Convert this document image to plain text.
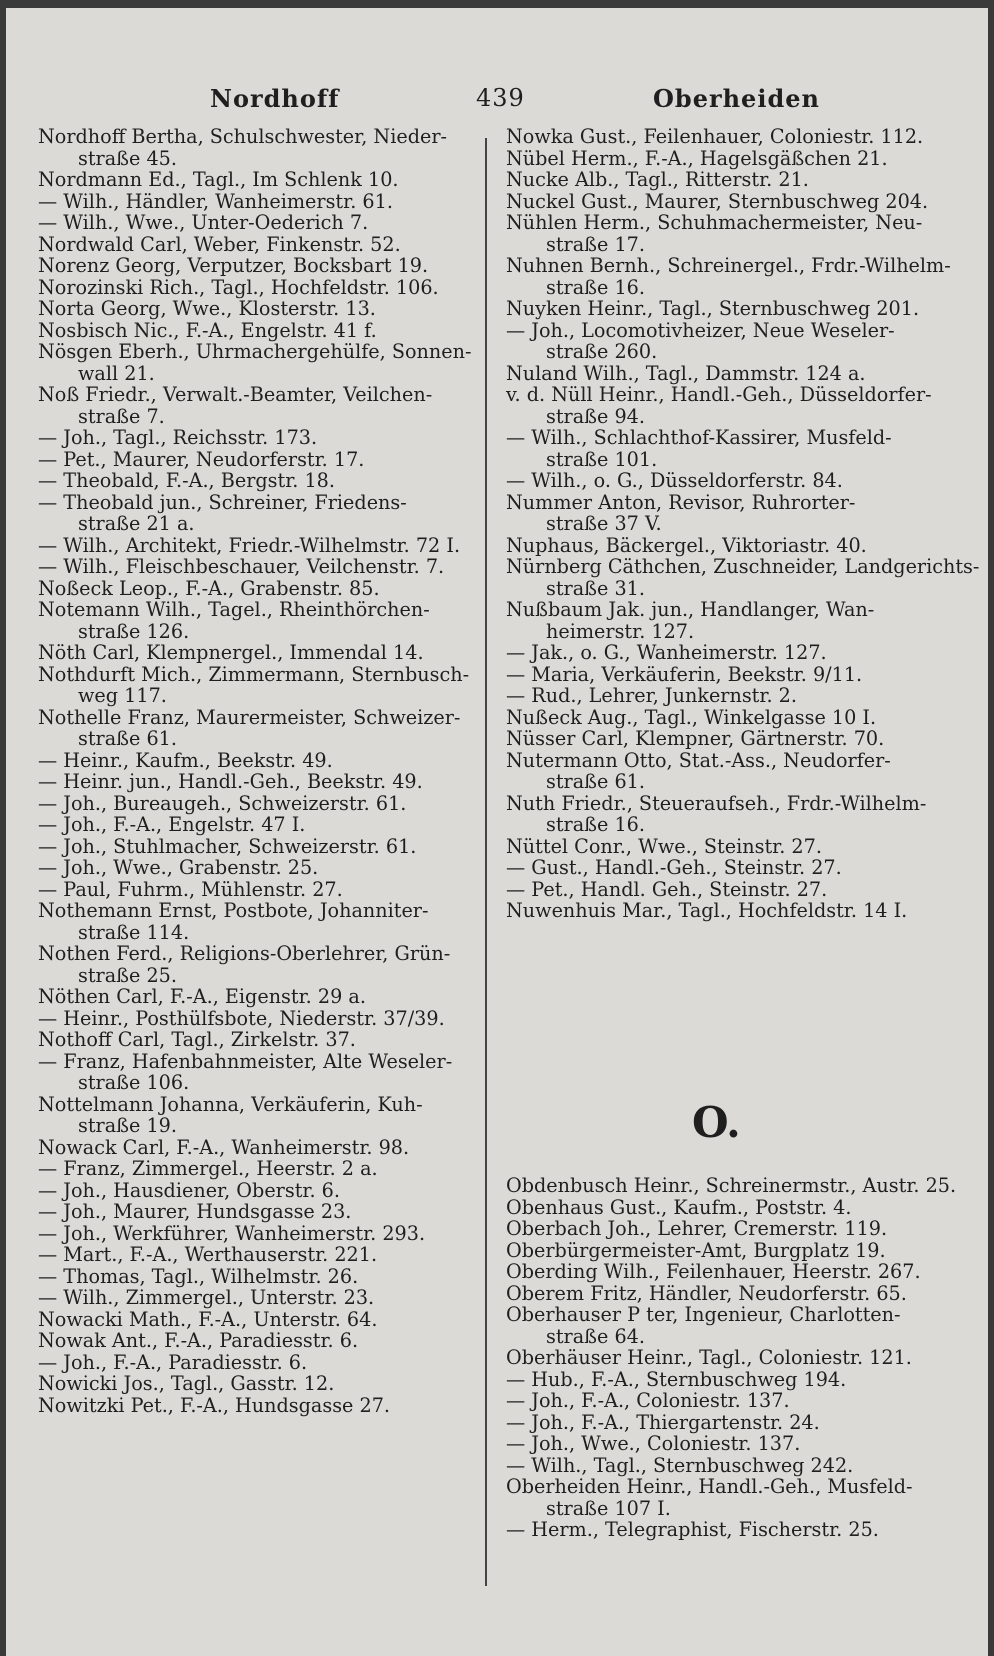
Nordhoff	439	Oberheiden
Nordhoff Bertha, Schulschwester, Nieder-
straße 45.
Nordmann Ed., Tagl., Im Schlenk 10.
— Wilh., Händler, Wanheimerstr. 61.
— Wilh., Wwe., Unter-Oederich 7.
Nordwald Carl, Weber, Finkenstr. 52.
Norenz Georg, Verputzer, Bocksbart 19.
Norozinski Rich., Tagl., Hochfeldstr. 106.
Norta Georg, Wwe., Klosterstr. 13.
Nosbisch Nic., F.-A., Engelstr. 41 f.
Nösgen Eberh., Uhrmachergehülfe, Sonnen-
wall 21.
Noß Friedr., Verwalt.-Beamter, Veilchen-
straße 7.
— Joh., Tagl., Reichsstr. 173.
— Pet., Maurer, Neudorferstr. 17.
— Theobald, F.-A., Bergstr. 18.
— Theobald jun., Schreiner, Friedens-
straße 21 a.
— Wilh., Architekt, Friedr.-Wilhelmstr. 72 I.
— Wilh., Fleischbeschauer, Veilchenstr. 7.
Noßeck Leop., F.-A., Grabenstr. 85.
Notemann Wilh., Tagel., Rheinthörchen-
straße 126.
Nöth Carl, Klempnergel., Immendal 14.
Nothdurft Mich., Zimmermann, Sternbusch-
weg 117.
Nothelle Franz, Maurermeister, Schweizer-
straße 61.
— Heinr., Kaufm., Beekstr. 49.
— Heinr. jun., Handl.-Geh., Beekstr. 49.
— Joh., Bureaugeh., Schweizerstr. 61.
— Joh., F.-A., Engelstr. 47 I.
— Joh., Stuhlmacher, Schweizerstr. 61.
— Joh., Wwe., Grabenstr. 25.
— Paul, Fuhrm., Mühlenstr. 27.
Nothemann Ernst, Postbote, Johanniter-
straße 114.
Nothen Ferd., Religions-Oberlehrer, Grün-
straße 25.
Nöthen Carl, F.-A., Eigenstr. 29 a.
— Heinr., Posthülfsbote, Niederstr. 37/39.
Nothoff Carl, Tagl., Zirkelstr. 37.
— Franz, Hafenbahnmeister, Alte Weseler-
straße 106.
Nottelmann Johanna, Verkäuferin, Kuh-
straße 19.
Nowack Carl, F.-A., Wanheimerstr. 98.
— Franz, Zimmergel., Heerstr. 2 a.
— Joh., Hausdiener, Oberstr. 6.
— Joh., Maurer, Hundsgasse 23.
— Joh., Werkführer, Wanheimerstr. 293.
— Mart., F.-A., Werthauserstr. 221.
— Thomas, Tagl., Wilhelmstr. 26.
— Wilh., Zimmergel., Unterstr. 23.
Nowacki Math., F.-A., Unterstr. 64.
Nowak Ant., F.-A., Paradiesstr. 6.
— Joh., F.-A., Paradiesstr. 6.
Nowicki Jos., Tagl., Gasstr. 12.
Nowitzki Pet., F.-A., Hundsgasse 27.
Nowka Gust., Feilenhauer, Coloniestr. 112.
Nübel Herm., F.-A., Hagelsgäßchen 21.
Nucke Alb., Tagl., Ritterstr. 21.
Nuckel Gust., Maurer, Sternbuschweg 204.
Nühlen Herm., Schuhmachermeister, Neu-
straße 17.
Nuhnen Bernh., Schreinergel., Frdr.-Wilhelm-
straße 16.
Nuyken Heinr., Tagl., Sternbuschweg 201.
— Joh., Locomotivheizer, Neue Weseler-
straße 260.
Nuland Wilh., Tagl., Dammstr. 124 a.
v. d. Nüll Heinr., Handl.-Geh., Düsseldorfer-
straße 94.
— Wilh., Schlachthof-Kassirer, Musfeld-
straße 101.
— Wilh., o. G., Düsseldorferstr. 84.
Nummer Anton, Revisor, Ruhrorter-
straße 37 V.
Nuphaus, Bäckergel., Viktoriastr. 40.
Nürnberg Cäthchen, Zuschneider, Landgerichts-
straße 31.
Nußbaum Jak. jun., Handlanger, Wan-
heimerstr. 127.
— Jak., o. G., Wanheimerstr. 127.
— Maria, Verkäuferin, Beekstr. 9/11.
— Rud., Lehrer, Junkernstr. 2.
Nußeck Aug., Tagl., Winkelgasse 10 I.
Nüsser Carl, Klempner, Gärtnerstr. 70.
Nutermann Otto, Stat.-Ass., Neudorfer-
straße 61.
Nuth Friedr., Steueraufseh., Frdr.-Wilhelm-
straße 16.
Nüttel Conr., Wwe., Steinstr. 27.
— Gust., Handl.-Geh., Steinstr. 27.
— Pet., Handl. Geh., Steinstr. 27.
Nuwenhuis Mar., Tagl., Hochfeldstr. 14 I.
O.
Obdenbusch Heinr., Schreinermstr., Austr. 25.
Obenhaus Gust., Kaufm., Poststr. 4.
Oberbach Joh., Lehrer, Cremerstr. 119.
Oberbürgermeister-Amt, Burgplatz 19.
Oberding Wilh., Feilenhauer, Heerstr. 267.
Oberem Fritz, Händler, Neudorferstr. 65.
Oberhauser P ter, Ingenieur, Charlotten-
straße 64.
Oberhäuser Heinr., Tagl., Coloniestr. 121.
— Hub., F.-A., Sternbuschweg 194.
— Joh., F.-A., Coloniestr. 137.
— Joh., F.-A., Thiergartenstr. 24.
— Joh., Wwe., Coloniestr. 137.
— Wilh., Tagl., Sternbuschweg 242.
Oberheiden Heinr., Handl.-Geh., Musfeld-
straße 107 I.
— Herm., Telegraphist, Fischerstr. 25.
